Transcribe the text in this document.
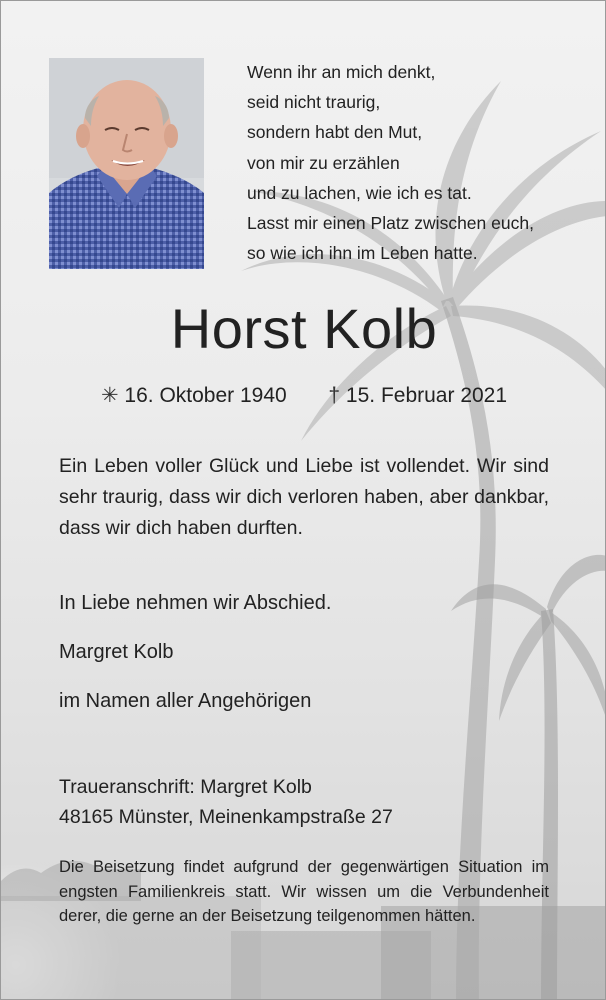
Wenn ihr an mich denkt,
seid nicht traurig,
sondern habt den Mut,
von mir zu erzählen
und zu lachen, wie ich es tat.
Lasst mir einen Platz zwischen euch,
so wie ich ihn im Leben hatte.
Horst Kolb
✳ 16. Oktober 1940 † 15. Februar 2021
Ein Leben voller Glück und Liebe ist vollendet. Wir sind sehr traurig, dass wir dich verloren haben, aber dankbar, dass wir dich haben durften.
In Liebe nehmen wir Abschied.
Margret Kolb
im Namen aller Angehörigen
Traueranschrift: Margret Kolb
48165 Münster, Meinenkampstraße 27
Die Beisetzung findet aufgrund der gegenwärtigen Situation im engsten Familienkreis statt. Wir wissen um die Verbundenheit derer, die gerne an der Beisetzung teilgenommen hätten.
